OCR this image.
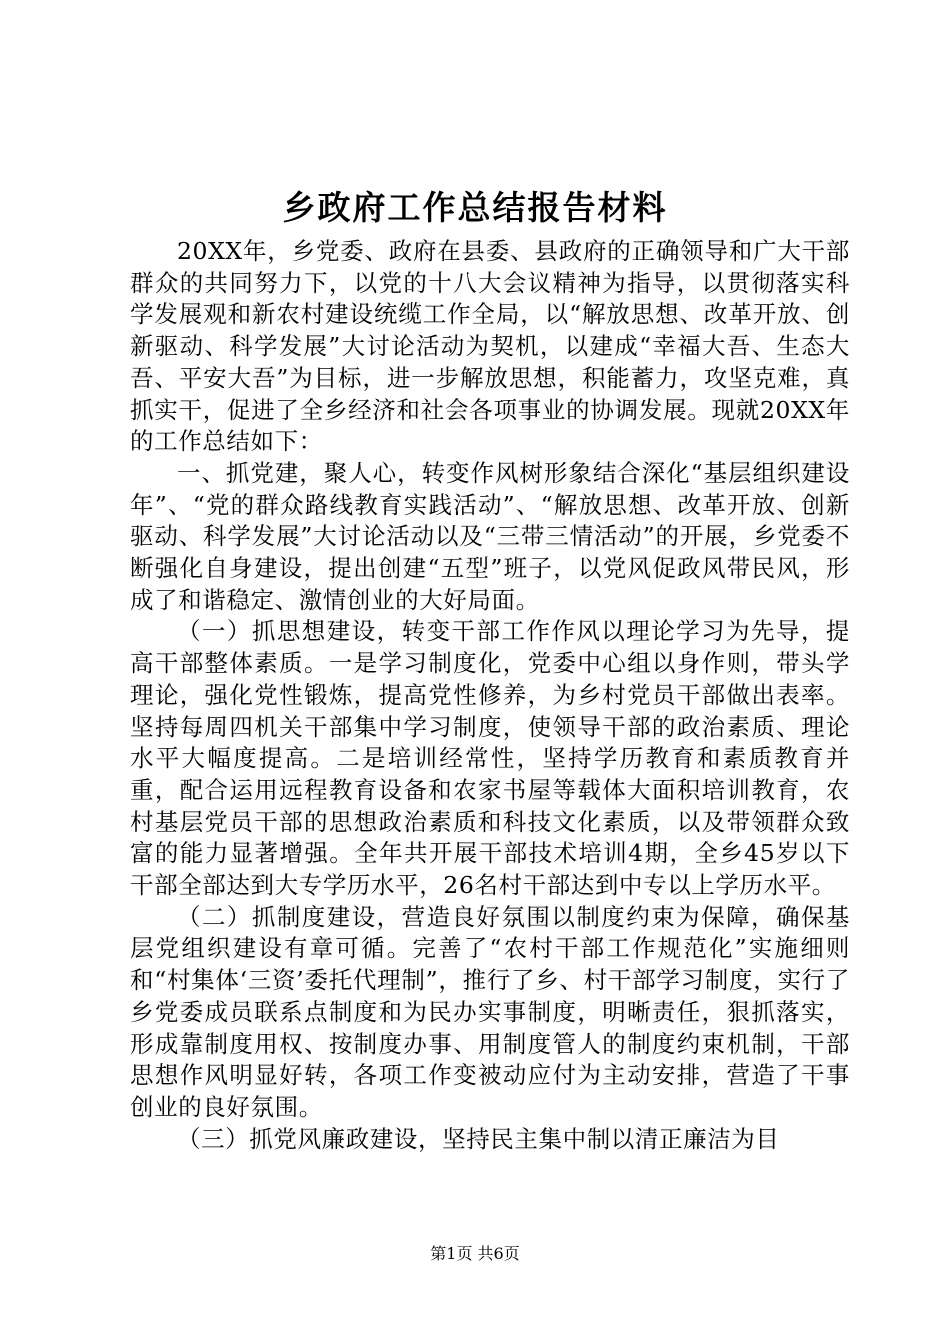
乡政府工作总结报告材料

20XX年，乡党委、政府在县委、县政府的正确领导和广大干部群众的共同努力下，以党的十八大会议精神为指导，以贯彻落实科学发展观和新农村建设统缆工作全局，以“解放思想、改革开放、创新驱动、科学发展”大讨论活动为契机，以建成“幸福大吾、生态大吾、平安大吾”为目标，进一步解放思想，积能蓄力，攻坚克难，真抓实干，促进了全乡经济和社会各项事业的协调发展。现就20XX年的工作总结如下：

一、抓党建，聚人心，转变作风树形象结合深化“基层组织建设年”、“党的群众路线教育实践活动”、“解放思想、改革开放、创新驱动、科学发展”大讨论活动以及“三带三情活动”的开展，乡党委不断强化自身建设，提出创建“五型”班子，以党风促政风带民风，形成了和谐稳定、激情创业的大好局面。

（一）抓思想建设，转变干部工作作风以理论学习为先导，提高干部整体素质。一是学习制度化，党委中心组以身作则，带头学理论，强化党性锻炼，提高党性修养，为乡村党员干部做出表率。坚持每周四机关干部集中学习制度，使领导干部的政治素质、理论水平大幅度提高。二是培训经常性，坚持学历教育和素质教育并重，配合运用远程教育设备和农家书屋等载体大面积培训教育，农村基层党员干部的思想政治素质和科技文化素质，以及带领群众致富的能力显著增强。全年共开展干部技术培训4期，全乡45岁以下干部全部达到大专学历水平，26名村干部达到中专以上学历水平。

（二）抓制度建设，营造良好氛围以制度约束为保障，确保基层党组织建设有章可循。完善了“农村干部工作规范化”实施细则和“村集体‘三资’委托代理制”，推行了乡、村干部学习制度，实行了乡党委成员联系点制度和为民办实事制度，明晰责任，狠抓落实，形成靠制度用权、按制度办事、用制度管人的制度约束机制，干部思想作风明显好转，各项工作变被动应付为主动安排，营造了干事创业的良好氛围。

（三）抓党风廉政建设，坚持民主集中制以清正廉洁为目

第1页 共6页
